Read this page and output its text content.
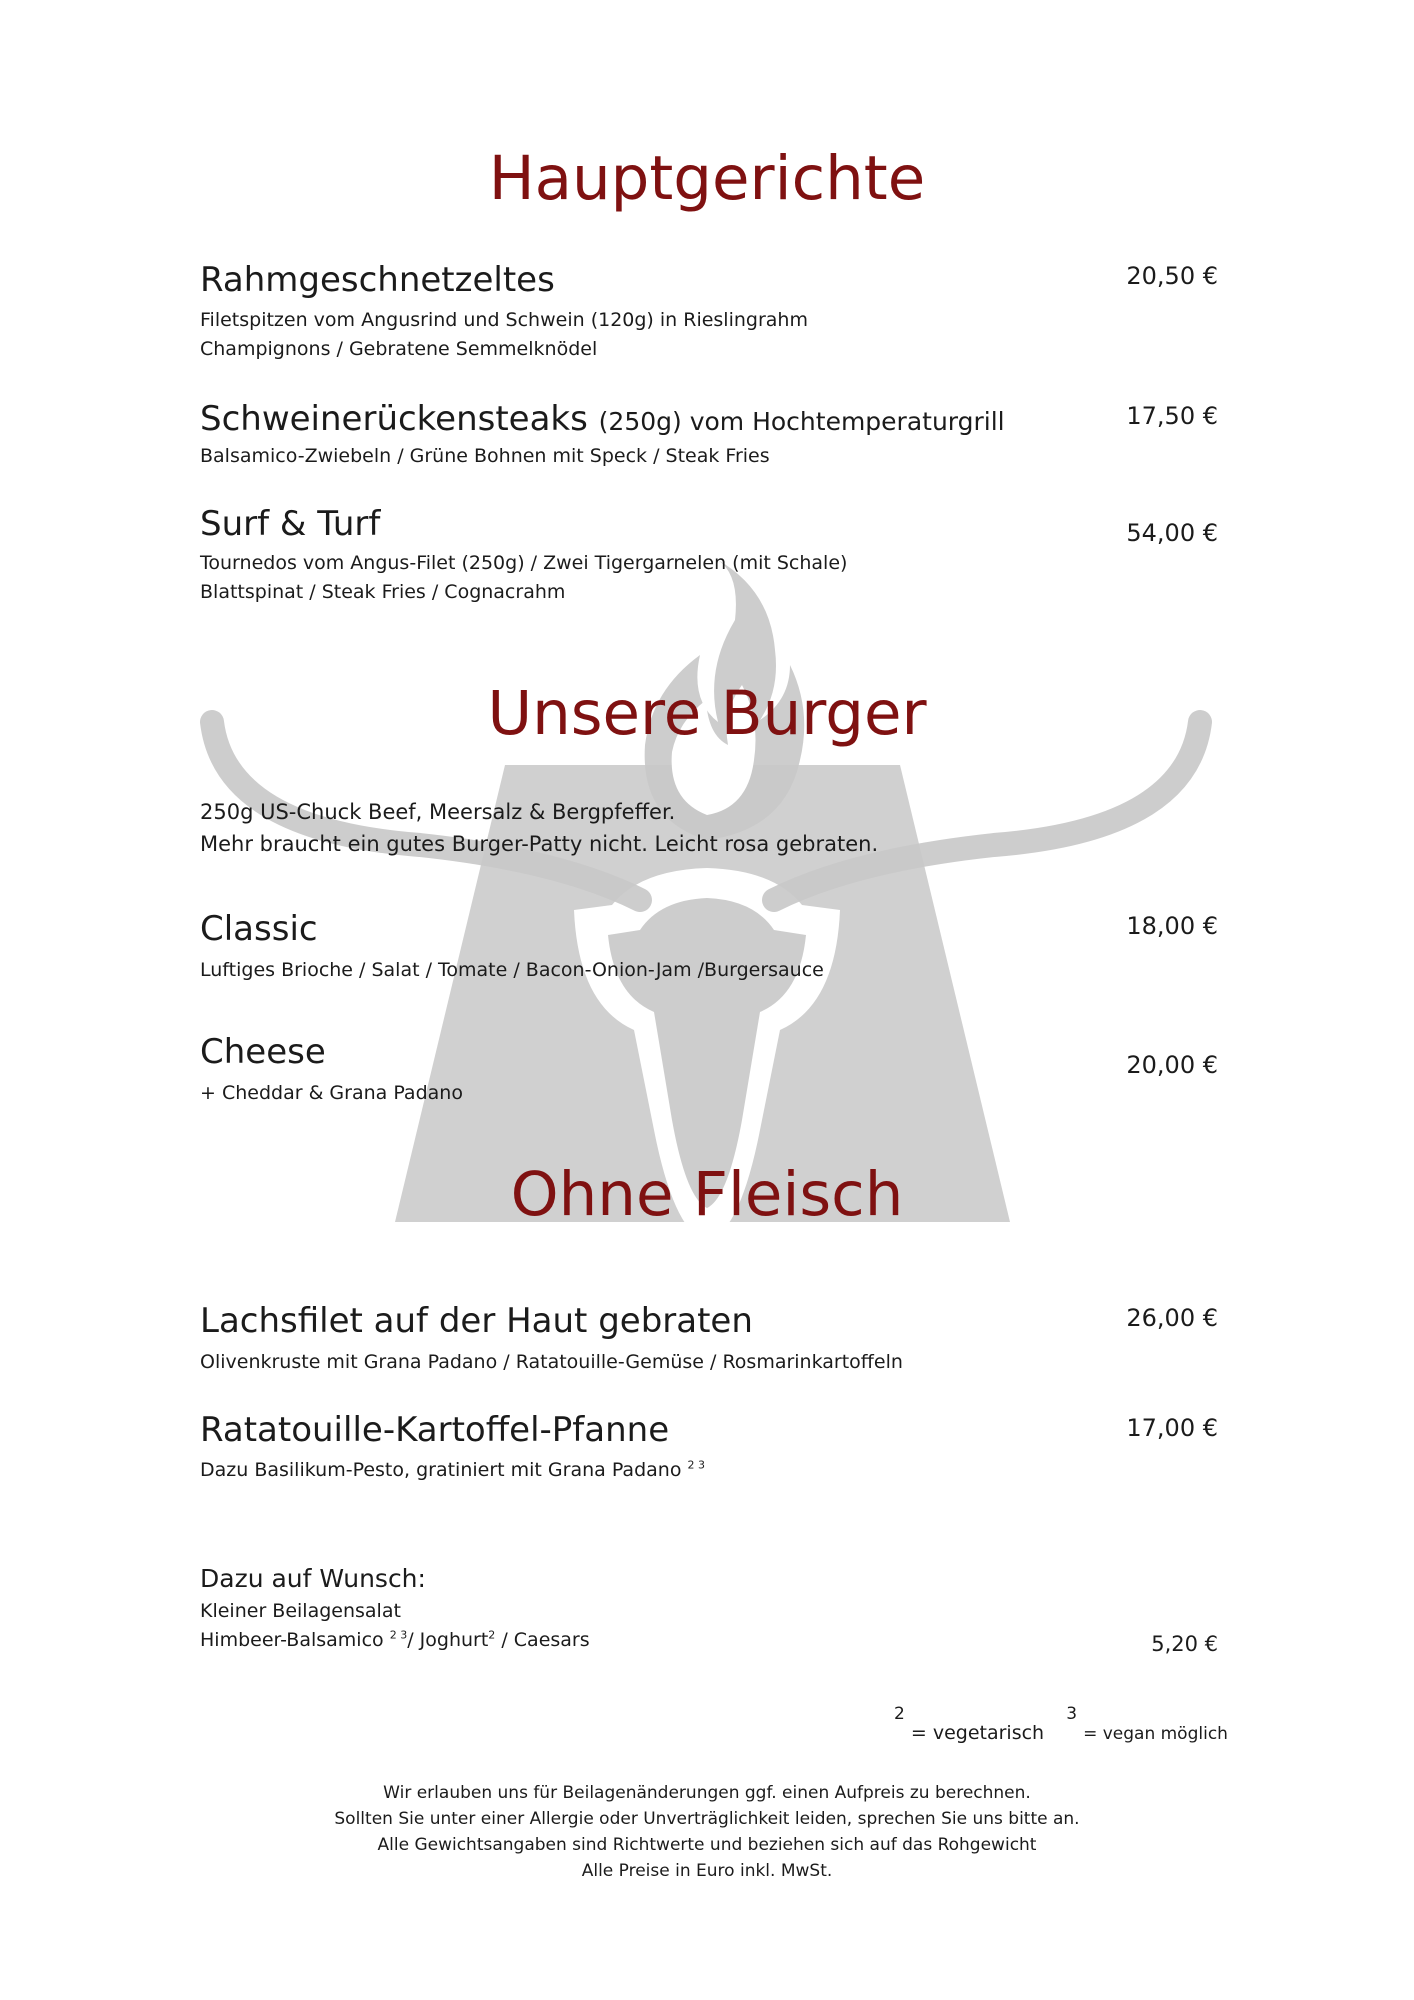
Hauptgerichte
Rahmgeschnetzeltes	20,50 €
Filetspitzen vom Angusrind und Schwein (120g) in Rieslingrahm
Champignons / Gebratene Semmelknödel
Schweinerückensteaks (250g) vom Hochtemperaturgrill	17,50 €
Balsamico-Zwiebeln / Grüne Bohnen mit Speck / Steak Fries
Surf & Turf	54,00 €
Tournedos vom Angus-Filet (250g) / Zwei Tigergarnelen (mit Schale)
Blattspinat / Steak Fries / Cognacrahm
Unsere Burger
250g US-Chuck Beef, Meersalz & Bergpfeffer.
Mehr braucht ein gutes Burger-Patty nicht. Leicht rosa gebraten.
Classic	18,00 €
Luftiges Brioche / Salat / Tomate / Bacon-Onion-Jam /Burgersauce
Cheese	20,00 €
+ Cheddar & Grana Padano
Ohne Fleisch
Lachsfilet auf der Haut gebraten	26,00 €
Olivenkruste mit Grana Padano / Ratatouille-Gemüse / Rosmarinkartoffeln
Ratatouille-Kartoffel-Pfanne	17,00 €
Dazu Basilikum-Pesto, gratiniert mit Grana Padano $^{2 3}$
Dazu auf Wunsch:
Kleiner Beilagensalat
Himbeer-Balsamico $^{2 3}$/ Joghurt$^2$ / Caesars	5,20 €
2 = vegetarisch  3 = vegan möglich
Wir erlauben uns für Beilagenänderungen ggf. einen Aufpreis zu berechnen.
Sollten Sie unter einer Allergie oder Unverträglichkeit leiden, sprechen Sie uns bitte an.
Alle Gewichtsangaben sind Richtwerte und beziehen sich auf das Rohgewicht
Alle Preise in Euro inkl. MwSt.
